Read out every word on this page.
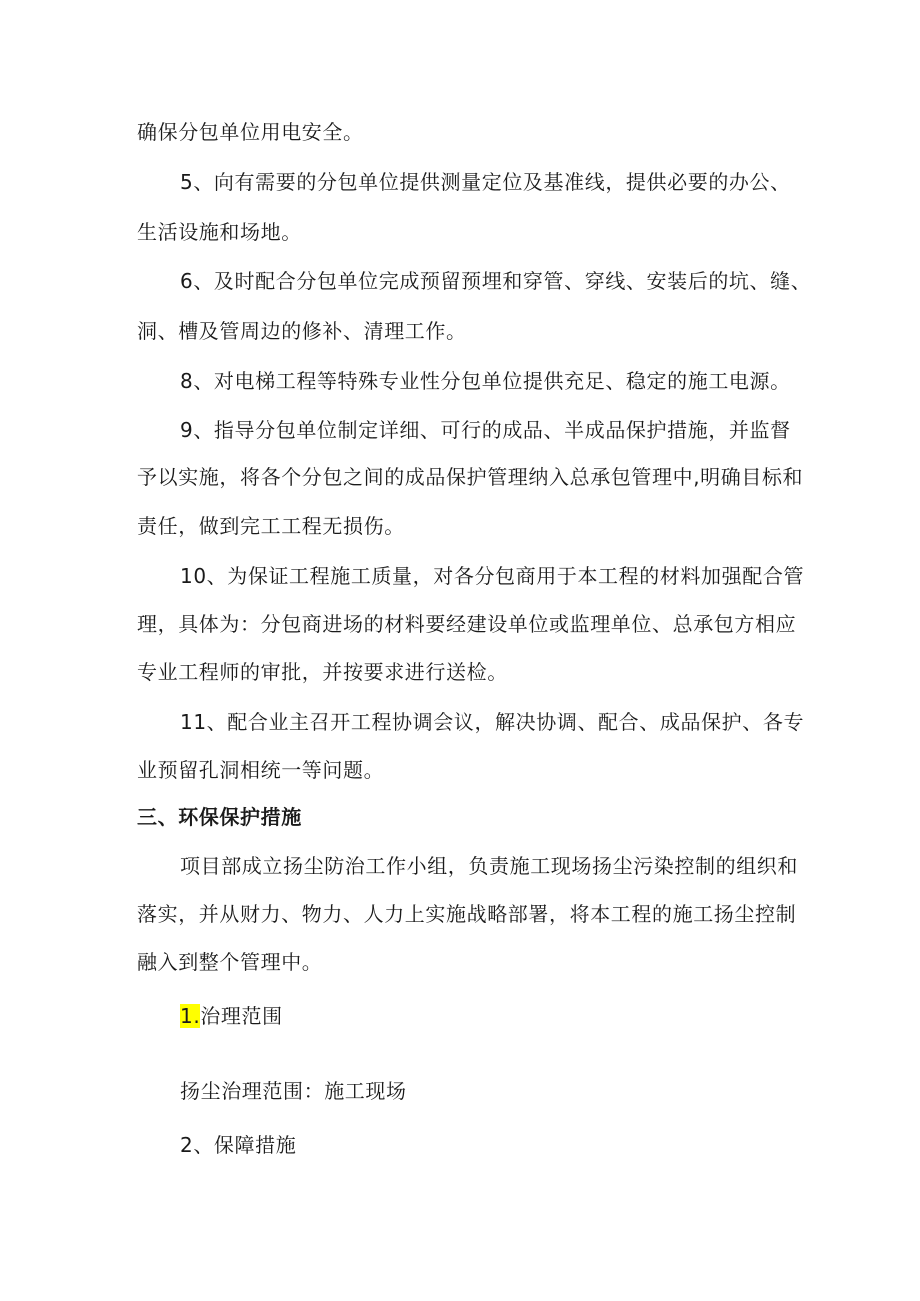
确保分包单位用电安全。
5、向有需要的分包单位提供测量定位及基准线，提供必要的办公、
生活设施和场地。
6、及时配合分包单位完成预留预埋和穿管、穿线、安装后的坑、缝、
洞、槽及管周边的修补、清理工作。
8、对电梯工程等特殊专业性分包单位提供充足、稳定的施工电源。
9、指导分包单位制定详细、可行的成品、半成品保护措施，并监督
予以实施，将各个分包之间的成品保护管理纳入总承包管理中,明确目标和
责任，做到完工工程无损伤。
10、为保证工程施工质量，对各分包商用于本工程的材料加强配合管
理，具体为：分包商进场的材料要经建设单位或监理单位、总承包方相应
专业工程师的审批，并按要求进行送检。
11、配合业主召开工程协调会议，解决协调、配合、成品保护、各专
业预留孔洞相统一等问题。
三、环保保护措施
项目部成立扬尘防治工作小组，负责施工现场扬尘污染控制的组织和
落实，并从财力、物力、人力上实施战略部署，将本工程的施工扬尘控制
融入到整个管理中。
1.治理范围
扬尘治理范围：施工现场
2、保障措施
